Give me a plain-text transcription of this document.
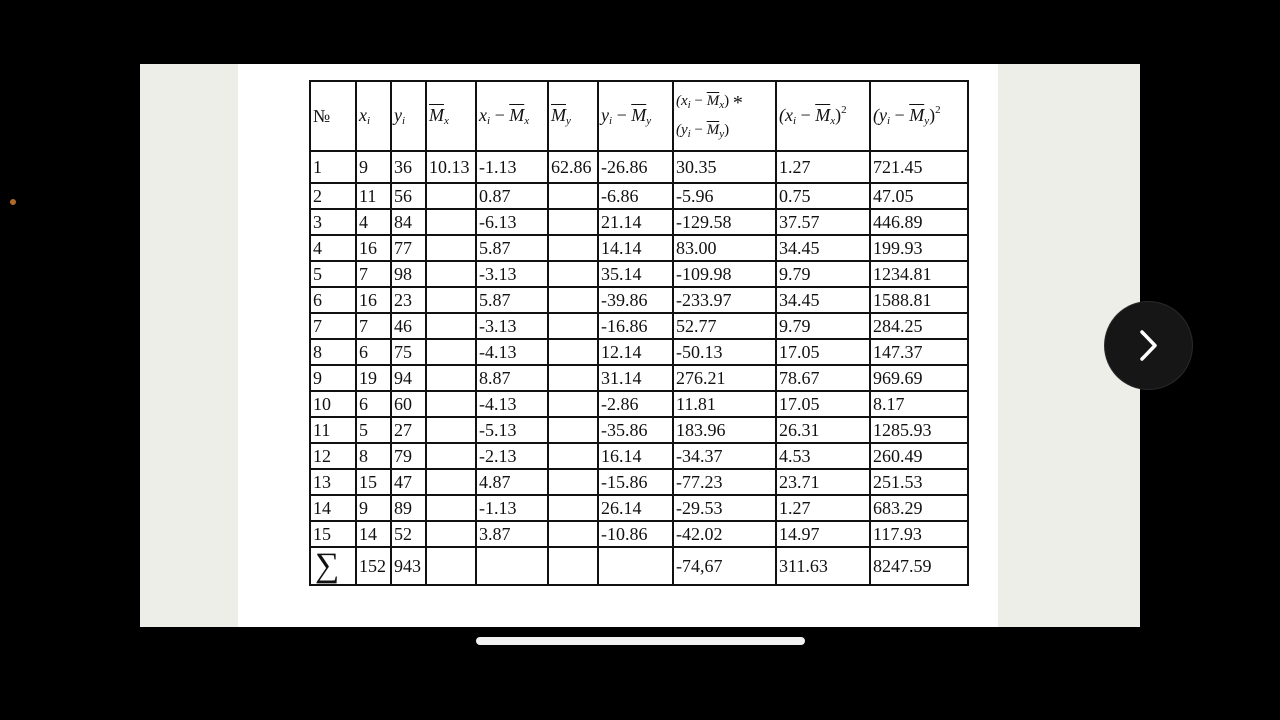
№	$x_i$	$y_i$	$\overline{M}_x$	$x_i - \overline{M}_x$	$\overline{M}_y$	$y_i - \overline{M}_y$	$(x_i - \overline{M}_x)$ *
$(y_i - \overline{M}_y)$	$(x_i - \overline{M}_x)^2$	$(y_i - \overline{M}_y)^2$
1	9	36	10.13	-1.13	62.86	-26.86	30.35	1.27	721.45
2	11	56		0.87		-6.86	-5.96	0.75	47.05
3	4	84		-6.13		21.14	-129.58	37.57	446.89
4	16	77		5.87		14.14	83.00	34.45	199.93
5	7	98		-3.13		35.14	-109.98	9.79	1234.81
6	16	23		5.87		-39.86	-233.97	34.45	1588.81
7	7	46		-3.13		-16.86	52.77	9.79	284.25
8	6	75		-4.13		12.14	-50.13	17.05	147.37
9	19	94		8.87		31.14	276.21	78.67	969.69
10	6	60		-4.13		-2.86	11.81	17.05	8.17
11	5	27		-5.13		-35.86	183.96	26.31	1285.93
12	8	79		-2.13		16.14	-34.37	4.53	260.49
13	15	47		4.87		-15.86	-77.23	23.71	251.53
14	9	89		-1.13		26.14	-29.53	1.27	683.29
15	14	52		3.87		-10.86	-42.02	14.97	117.93
∑	152	943					-74,67	311.63	8247.59
